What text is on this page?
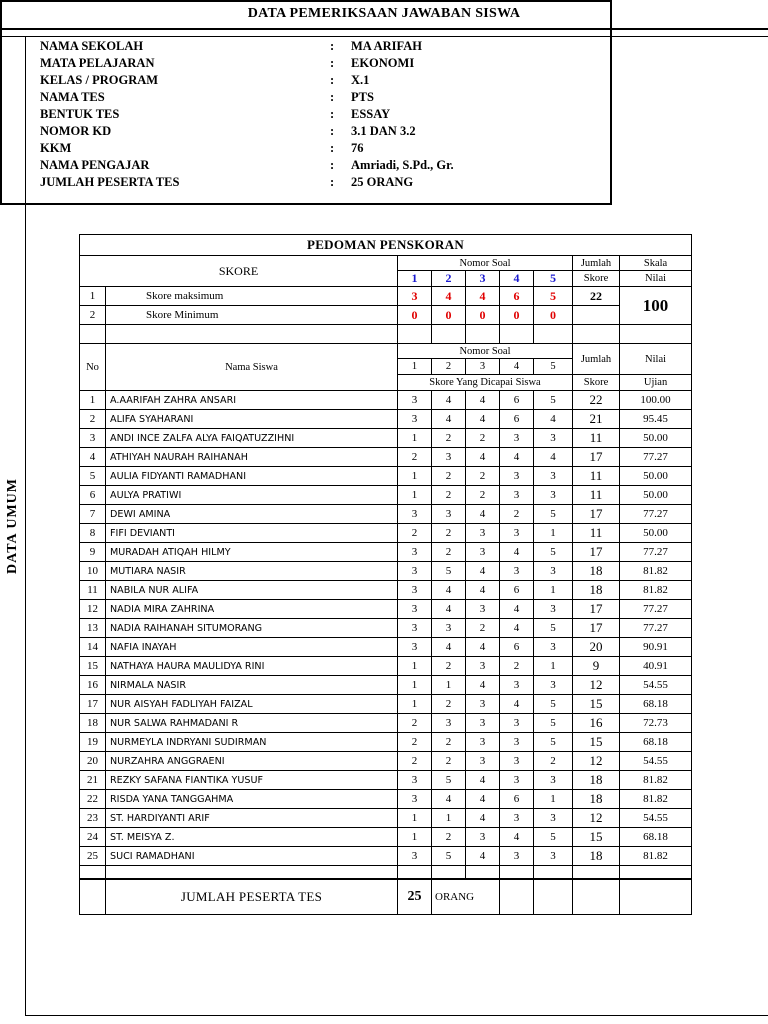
DATA PEMERIKSAAN JAWABAN SISWA
DATA UMUM
NAMA SEKOLAH	: MA ARIFAH
MATA PELAJARAN	: EKONOMI
KELAS / PROGRAM	: X.1
NAMA TES	: PTS
BENTUK TES	: ESSAY
NOMOR KD	: 3.1 DAN 3.2
KKM	: 76
NAMA PENGAJAR	: Amriadi, S.Pd., Gr.
JUMLAH PESERTA TES	: 25 ORANG
PEDOMAN PENSKORAN								
SKORE		Nomor Soal					Jumlah	Skala
		1	2	3	4	5	Skore	Nilai
1	Skore maksimum	3	4	4	6	5	22	100
2	Skore Minimum	0	0	0	0	0		

No	Nama Siswa	Nomor Soal					Jumlah	Nilai
		1	2	3	4	5		
		Skore Yang Dicapai Siswa					Skore	Ujian
1	A.AARIFAH ZAHRA ANSARI	3	4	4	6	5	22	100.00
2	ALIFA SYAHARANI	3	4	4	6	4	21	95.45
3	ANDI INCE ZALFA ALYA FAIQATUZZIHNI	1	2	2	3	3	11	50.00
4	ATHIYAH NAURAH RAIHANAH	2	3	4	4	4	17	77.27
5	AULIA FIDYANTI RAMADHANI	1	2	2	3	3	11	50.00
6	AULYA PRATIWI	1	2	2	3	3	11	50.00
7	DEWI AMINA	3	3	4	2	5	17	77.27
8	FIFI DEVIANTI	2	2	3	3	1	11	50.00
9	MURADAH ATIQAH HILMY	3	2	3	4	5	17	77.27
10	MUTIARA NASIR	3	5	4	3	3	18	81.82
11	NABILA NUR ALIFA	3	4	4	6	1	18	81.82
12	NADIA MIRA ZAHRINA	3	4	3	4	3	17	77.27
13	NADIA RAIHANAH SITUMORANG	3	3	2	4	5	17	77.27
14	NAFIA INAYAH	3	4	4	6	3	20	90.91
15	NATHAYA HAURA MAULIDYA RINI	1	2	3	2	1	9	40.91
16	NIRMALA NASIR	1	1	4	3	3	12	54.55
17	NUR AISYAH FADLIYAH FAIZAL	1	2	3	4	5	15	68.18
18	NUR SALWA RAHMADANI R	2	3	3	3	5	16	72.73
19	NURMEYLA INDRYANI SUDIRMAN	2	2	3	3	5	15	68.18
20	NURZAHRA ANGGRAENI	2	2	3	3	2	12	54.55
21	REZKY SAFANA FIANTIKA YUSUF	3	5	4	3	3	18	81.82
22	RISDA YANA TANGGAHMA	3	4	4	6	1	18	81.82
23	ST. HARDIYANTI ARIF	1	1	4	3	3	12	54.55
24	ST. MEISYA Z.	1	2	3	4	5	15	68.18
25	SUCI RAMADHANI	3	5	4	3	3	18	81.82

	JUMLAH PESERTA TES	25	ORANG					
